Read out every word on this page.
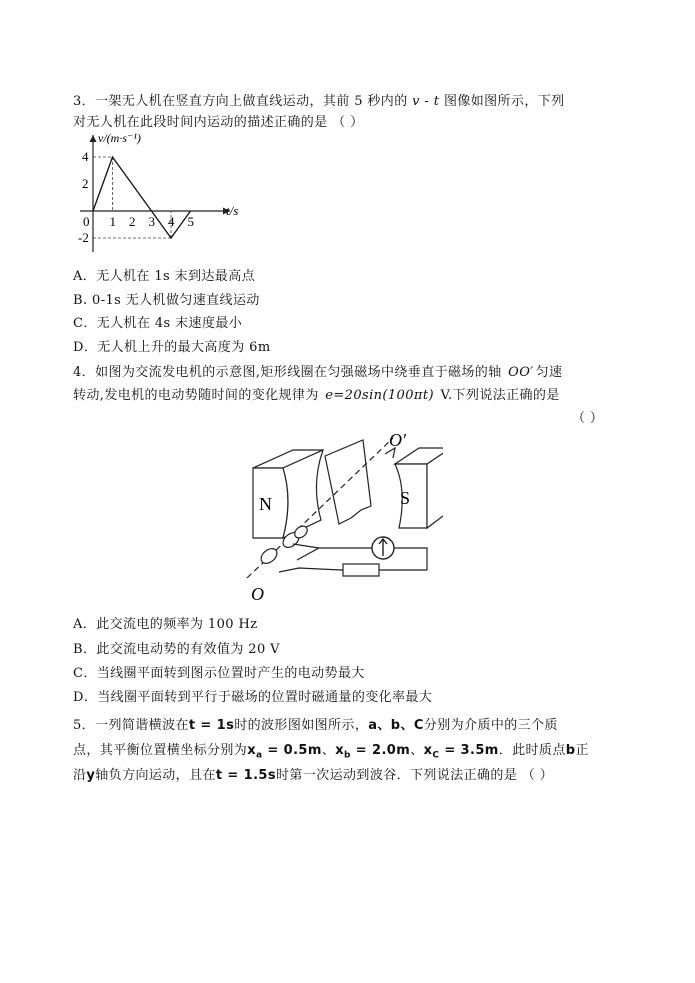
3．一架无人机在竖直方向上做直线运动，其前 5 秒内的 v - t 图像如图所示，下列
对无人机在此段时间内运动的描述正确的是 （ ）
v/(m·s⁻¹)
t/s
0 1 2 3 4 5
4
2
-2
A．无人机在 1s 末到达最高点
B. 0-1s 无人机做匀速直线运动
C．无人机在 4s 末速度最小
D．无人机上升的最大高度为 6m
4．如图为交流发电机的示意图,矩形线圈在匀强磁场中绕垂直于磁场的轴 OO′ 匀速
转动,发电机的电动势随时间的变化规律为 e=20sin(100πt) V.下列说法正确的是
（ ）
N	S
O
O′
A．此交流电的频率为 100 Hz
B．此交流电动势的有效值为 20 V
C．当线圈平面转到图示位置时产生的电动势最大
D．当线圈平面转到平行于磁场的位置时磁通量的变化率最大
5．一列简谐横波在t = 1s时的波形图如图所示，a、b、C分别为介质中的三个质
点，其平衡位置横坐标分别为$x_a = 0.5m$、$x_b = 2.0m$、$x_C = 3.5m$．此时质点b正
沿y轴负方向运动，且在t = 1.5s时第一次运动到波谷．下列说法正确的是 （ ）
